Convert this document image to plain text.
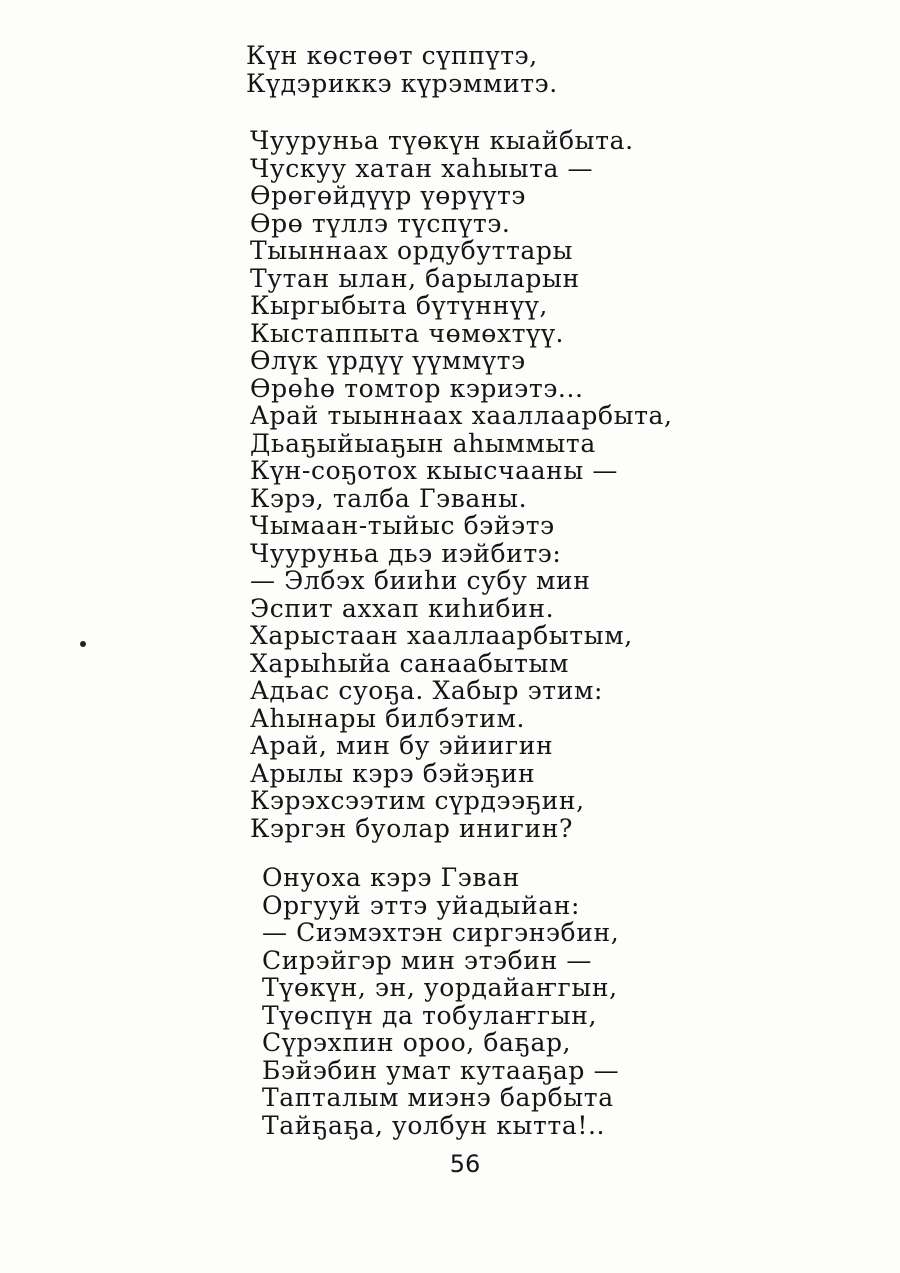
Күн көстөөт сүппүтэ,
Күдэриккэ күрэммитэ.
Чууруньа түөкүн кыайбыта.
Чускуу хатан хаһыыта —
Өрөгөйдүүр үөрүүтэ
Өрө түллэ түспүтэ.
Тыыннаах ордубуттары
Тутан ылан, барыларын
Кыргыбыта бүтүннүү,
Кыстаппыта чөмөхтүү.
Өлүк үрдүү үүммүтэ
Өрөһө томтор кэриэтэ...
Арай тыыннаах хааллаарбыта,
Дьаҕыйыаҕын аһыммыта
Күн-соҕотох кыысчааны —
Кэрэ, талба Гэваны.
Чымаан-тыйыс бэйэтэ
Чууруньа дьэ иэйбитэ:
— Элбэх бииһи субу мин
Эспит аххап киһибин.
Харыстаан хааллаарбытым,
Харыһыйа санаабытым
Адьас суоҕа. Хабыр этим:
Аһынары билбэтим.
Арай, мин бу эйиигин
Арылы кэрэ бэйэҕин
Кэрэхсээтим сүрдээҕин,
Кэргэн буолар инигин?
Онуоха кэрэ Гэван
Оргууй эттэ уйадыйан:
— Сиэмэхтэн сиргэнэбин,
Сирэйгэр мин этэбин —
Түөкүн, эн, уордайаҥгын,
Түөспүн да тобулаҥгын,
Сүрэхпин ороо, баҕар,
Бэйэбин умат кутааҕар —
Тапталым миэнэ барбыта
Тайҕаҕа, уолбун кытта!..
56
